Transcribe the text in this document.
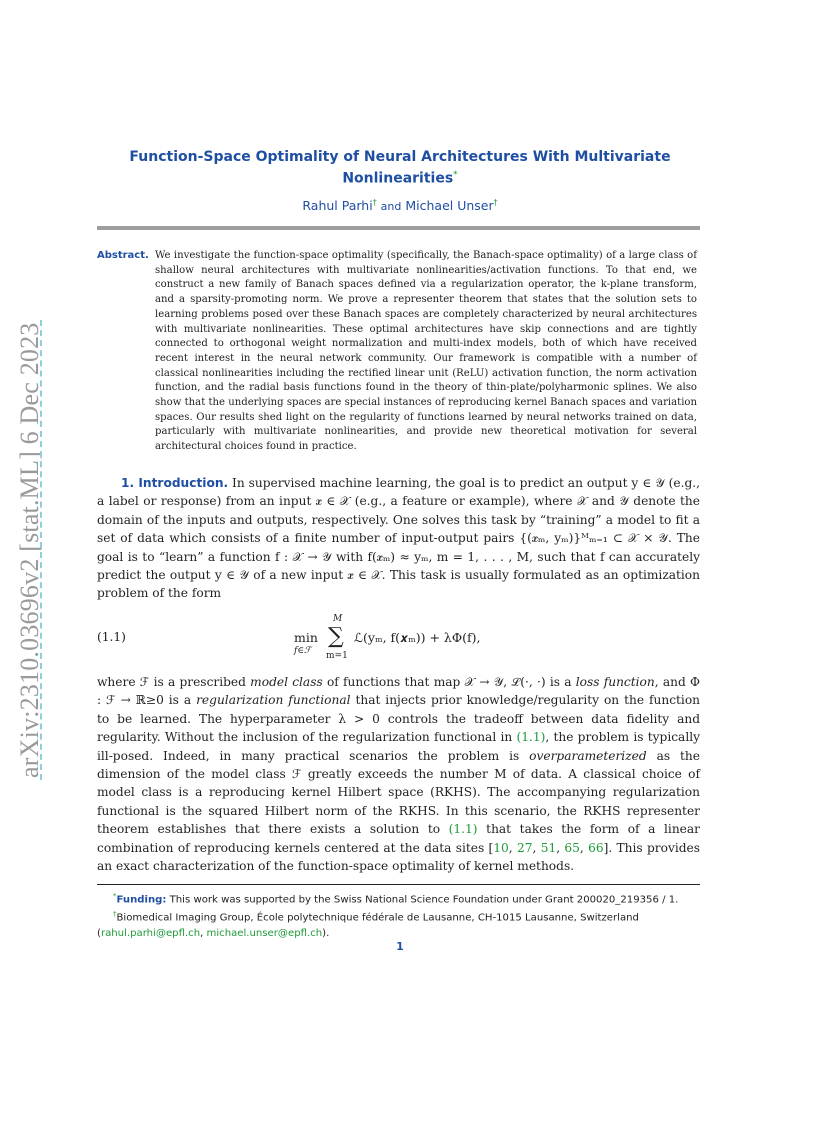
arXiv:2310.03696v2 [stat.ML] 6 Dec 2023
Function-Space Optimality of Neural Architectures With Multivariate
Nonlinearities*
Rahul Parhi† and Michael Unser†
Abstract. We investigate the function-space optimality (specifically, the Banach-space optimality) of a large class of shallow neural architectures with multivariate nonlinearities/activation functions. To that end, we construct a new family of Banach spaces defined via a regularization operator, the k-plane transform, and a sparsity-promoting norm. We prove a representer theorem that states that the solution sets to learning problems posed over these Banach spaces are completely characterized by neural architectures with multivariate nonlinearities. These optimal architectures have skip connections and are tightly connected to orthogonal weight normalization and multi-index models, both of which have received recent interest in the neural network community. Our framework is compatible with a number of classical nonlinearities including the rectified linear unit (ReLU) activation function, the norm activation function, and the radial basis functions found in the theory of thin-plate/polyharmonic splines. We also show that the underlying spaces are special instances of reproducing kernel Banach spaces and variation spaces. Our results shed light on the regularity of functions learned by neural networks trained on data, particularly with multivariate nonlinearities, and provide new theoretical motivation for several architectural choices found in practice.
1. Introduction. In supervised machine learning, the goal is to predict an output y ∈ 𝒴 (e.g., a label or response) from an input 𝒙 ∈ 𝒳 (e.g., a feature or example), where 𝒳 and 𝒴 denote the domain of the inputs and outputs, respectively. One solves this task by “training” a model to fit a set of data which consists of a finite number of input-output pairs {(𝒙ₘ, yₘ)}ᴹₘ₌₁ ⊂ 𝒳 × 𝒴. The goal is to “learn” a function f : 𝒳 → 𝒴 with f(𝒙ₘ) ≈ yₘ, m = 1, . . . , M, such that f can accurately predict the output y ∈ 𝒴 of a new input 𝒙 ∈ 𝒳. This task is usually formulated as an optimization problem of the form
(1.1)	min
f∈ℱ
M
∑
m=1
ℒ(yₘ, f(𝒙ₘ)) + λΦ(f),
where ℱ is a prescribed model class of functions that map 𝒳 → 𝒴, ℒ(·, ·) is a loss function, and Φ : ℱ → ℝ≥0 is a regularization functional that injects prior knowledge/regularity on the function to be learned. The hyperparameter λ > 0 controls the tradeoff between data fidelity and regularity. Without the inclusion of the regularization functional in (1.1), the problem is typically ill-posed. Indeed, in many practical scenarios the problem is overparameterized as the dimension of the model class ℱ greatly exceeds the number M of data. A classical choice of model class is a reproducing kernel Hilbert space (RKHS). The accompanying regularization functional is the squared Hilbert norm of the RKHS. In this scenario, the RKHS representer theorem establishes that there exists a solution to (1.1) that takes the form of a linear combination of reproducing kernels centered at the data sites [10, 27, 51, 65, 66]. This provides an exact characterization of the function-space optimality of kernel methods.
*Funding: This work was supported by the Swiss National Science Foundation under Grant 200020_219356 / 1.
†Biomedical Imaging Group, École polytechnique fédérale de Lausanne, CH-1015 Lausanne, Switzerland
(rahul.parhi@epfl.ch, michael.unser@epfl.ch).
1
